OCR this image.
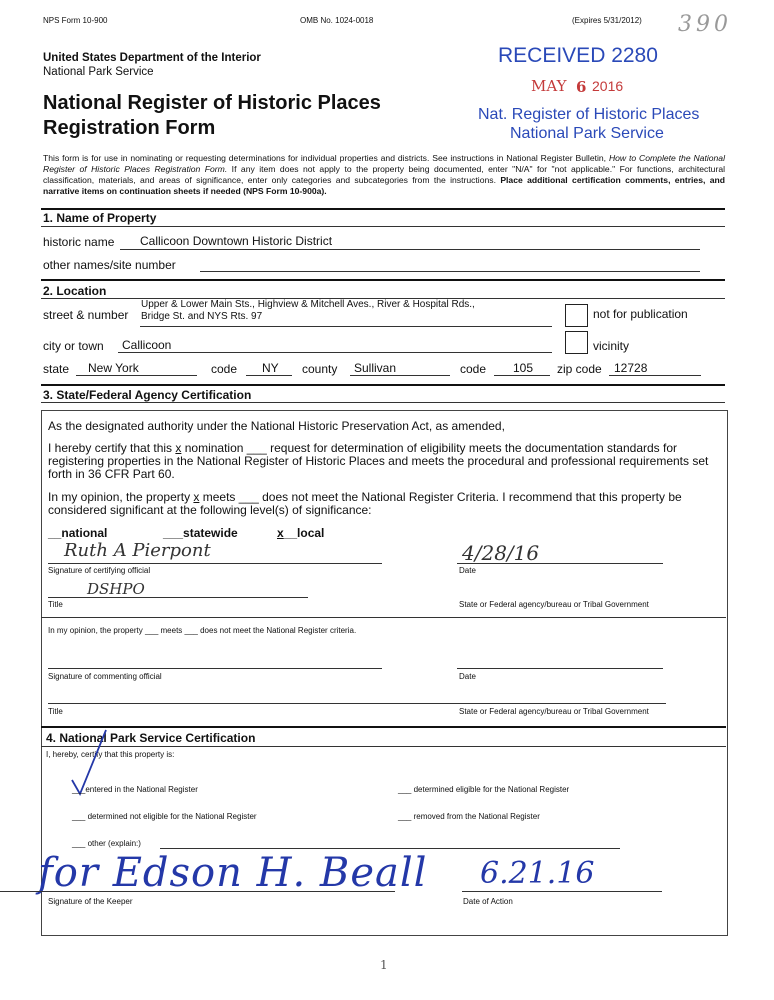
NPS Form 10-900	OMB No. 1024-0018	(Expires 5/31/2012) 390
United States Department of the Interior
National Park Service
National Register of Historic Places
Registration Form
RECEIVED 2280
MAY 6 2016
Nat. Register of Historic Places
National Park Service
This form is for use in nominating or requesting determinations for individual properties and districts. See instructions in National Register Bulletin, How to Complete the National Register of Historic Places Registration Form. If any item does not apply to the property being documented, enter "N/A" for "not applicable." For functions, architectural classification, materials, and areas of significance, enter only categories and subcategories from the instructions. Place additional certification comments, entries, and narrative items on continuation sheets if needed (NPS Form 10-900a).
1. Name of Property
historic name Callicoon Downtown Historic District
other names/site number
2. Location
street & number
Upper & Lower Main Sts., Highview & Mitchell Aves., River & Hospital Rds.,
Bridge St. and NYS Rts. 97	not for publication
city or town Callicoon	vicinity
state New York	code NY county Sullivan	code 105 zip code 12728
3. State/Federal Agency Certification
As the designated authority under the National Historic Preservation Act, as amended,
I hereby certify that this x nomination ___ request for determination of eligibility meets the documentation standards for registering properties in the National Register of Historic Places and meets the procedural and professional requirements set forth in 36 CFR Part 60.
In my opinion, the property x meets ___ does not meet the National Register Criteria. I recommend that this property be considered significant at the following level(s) of significance:
__national	___statewide	x__local
Ruth A Pierpont
Signature of certifying official
4/28/16
Date
DSHPO
Title	State or Federal agency/bureau or Tribal Government
In my opinion, the property ___ meets ___ does not meet the National Register criteria.
Signature of commenting official	Date
Title	State or Federal agency/bureau or Tribal Government
4. National Park Service Certification
I, hereby, certify that this property is:
___entered in the National Register	___ determined eligible for the National Register
___ determined not eligible for the National Register	___ removed from the National Register
___ other (explain:)
for Edson H. Beall
Signature of the Keeper
6.21.16
Date of Action
1
